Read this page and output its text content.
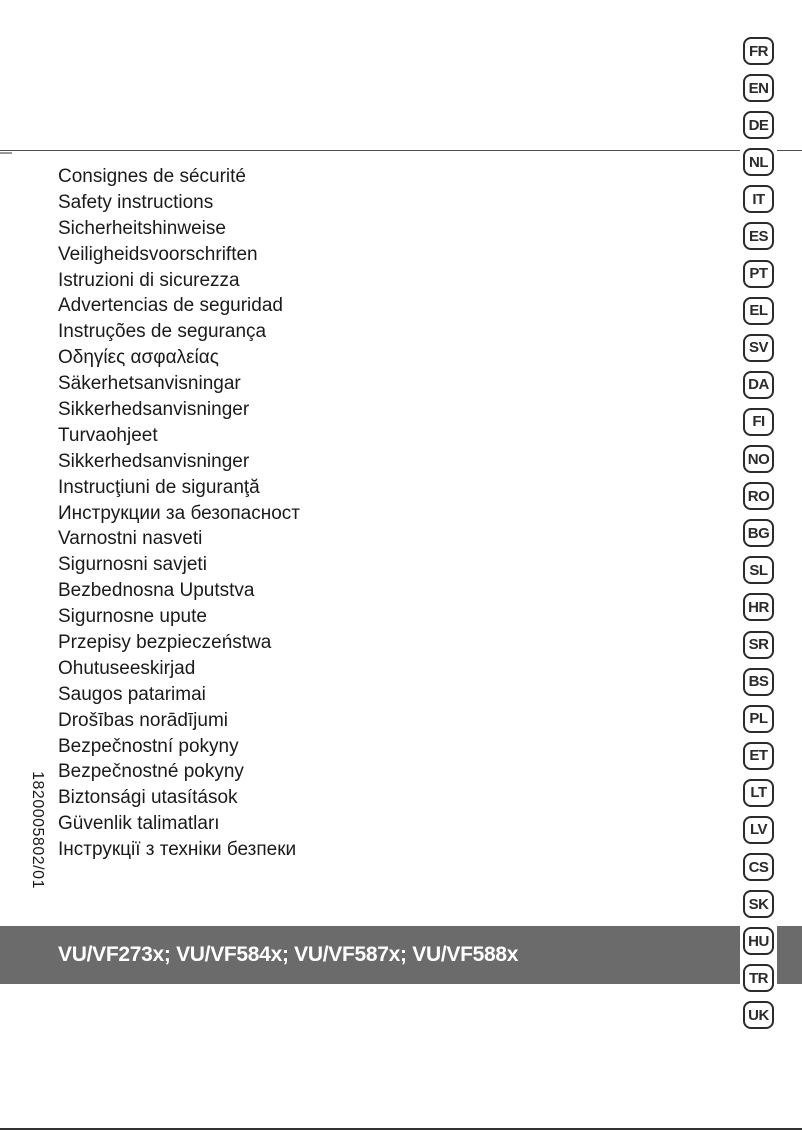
Consignes de sécurité
Safety instructions
Sicherheitshinweise
Veiligheidsvoorschriften
Istruzioni di sicurezza
Advertencias de seguridad
Instruções de segurança
Οδηγίες ασφαλείας
Säkerhetsanvisningar
Sikkerhedsanvisninger
Turvaohjeet
Sikkerhedsanvisninger
Instrucţiuni de siguranţă
Инструкции за безопасност
Varnostni nasveti
Sigurnosni savjeti
Bezbednosna Uputstva
Sigurnosne upute
Przepisy bezpieczeństwa
Ohutuseeskirjad
Saugos patarimai
Drošības norādījumi
Bezpečnostní pokyny
Bezpečnostné pokyny
Biztonsági utasítások
Güvenlik talimatları
Інструкції з техніки безпеки
1820005802/01
VU/VF273x; VU/VF584x; VU/VF587x; VU/VF588x
FR
EN
DE
NL
IT
ES
PT
EL
SV
DA
FI
NO
RO
BG
SL
HR
SR
BS
PL
ET
LT
LV
CS
SK
HU
TR
UK
